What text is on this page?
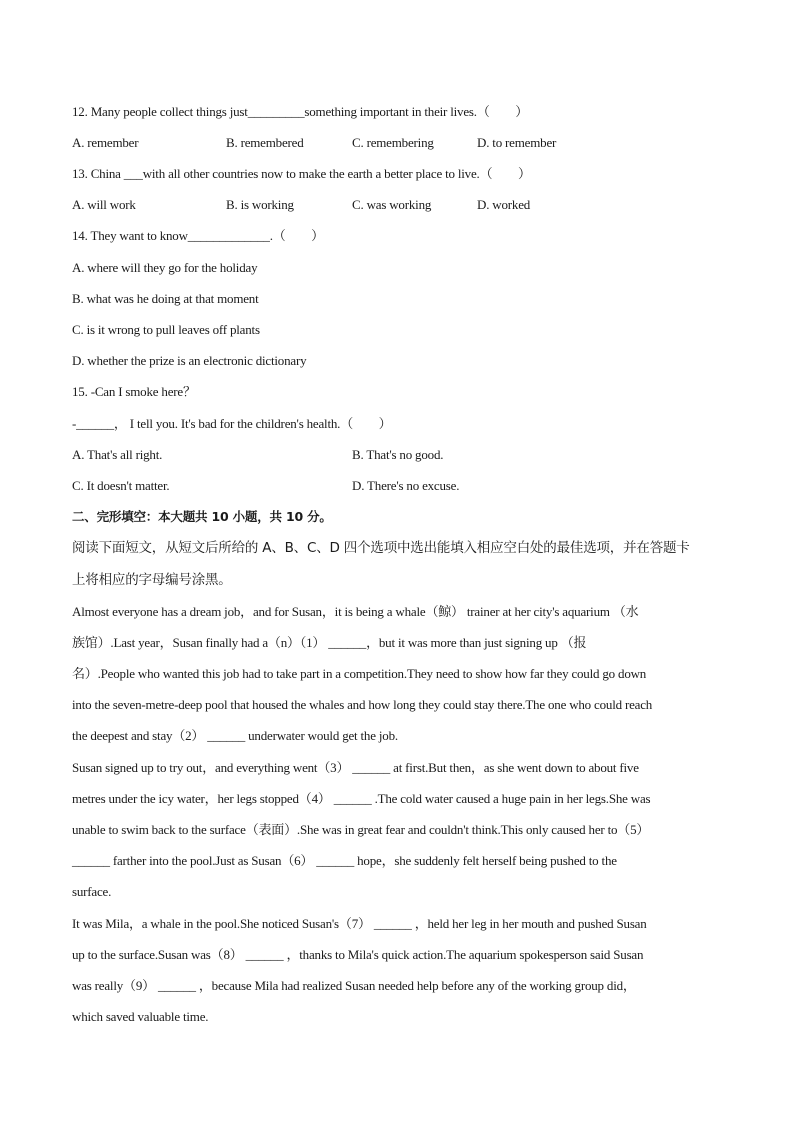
12. Many people collect things just_________something important in their lives.（　　）
A. remember	B. remembered	C. remembering	D. to remember
13. China ___with all other countries now to make the earth a better place to live.（　　）
A. will work	B. is working	C. was working	D. worked
14. They want to know_____________.（　　）
A. where will they go for the holiday
B. what was he doing at that moment
C. is it wrong to pull leaves off plants
D. whether the prize is an electronic dictionary
15. -Can I smoke here？
-______， I tell you. It's bad for the children's health.（　　）
A. That's all right.	B. That's no good.
C. It doesn't matter.	D. There's no excuse.
二、完形填空：本大题共 10 小题，共 10 分。
阅读下面短文，从短文后所给的 A、B、C、D 四个选项中选出能填入相应空白处的最佳选项，并在答题卡
上将相应的字母编号涂黑。
Almost everyone has a dream job，and for Susan，it is being a whale（鲸） trainer at her city's aquarium （水
族馆）.Last year，Susan finally had a（n）（1） ______，but it was more than just signing up （报
名）.People who wanted this job had to take part in a competition.They need to show how far they could go down
into the seven-metre-deep pool that housed the whales and how long they could stay there.The one who could reach
the deepest and stay（2） ______ underwater would get the job.
Susan signed up to try out，and everything went（3） ______ at first.But then，as she went down to about five
metres under the icy water，her legs stopped（4） ______ .The cold water caused a huge pain in her legs.She was
unable to swim back to the surface（表面）.She was in great fear and couldn't think.This only caused her to（5）
______ farther into the pool.Just as Susan（6） ______ hope，she suddenly felt herself being pushed to the
surface.
It was Mila，a whale in the pool.She noticed Susan's（7） ______ ，held her leg in her mouth and pushed Susan
up to the surface.Susan was（8） ______ ，thanks to Mila's quick action.The aquarium spokesperson said Susan
was really（9） ______ ，because Mila had realized Susan needed help before any of the working group did，
which saved valuable time.
